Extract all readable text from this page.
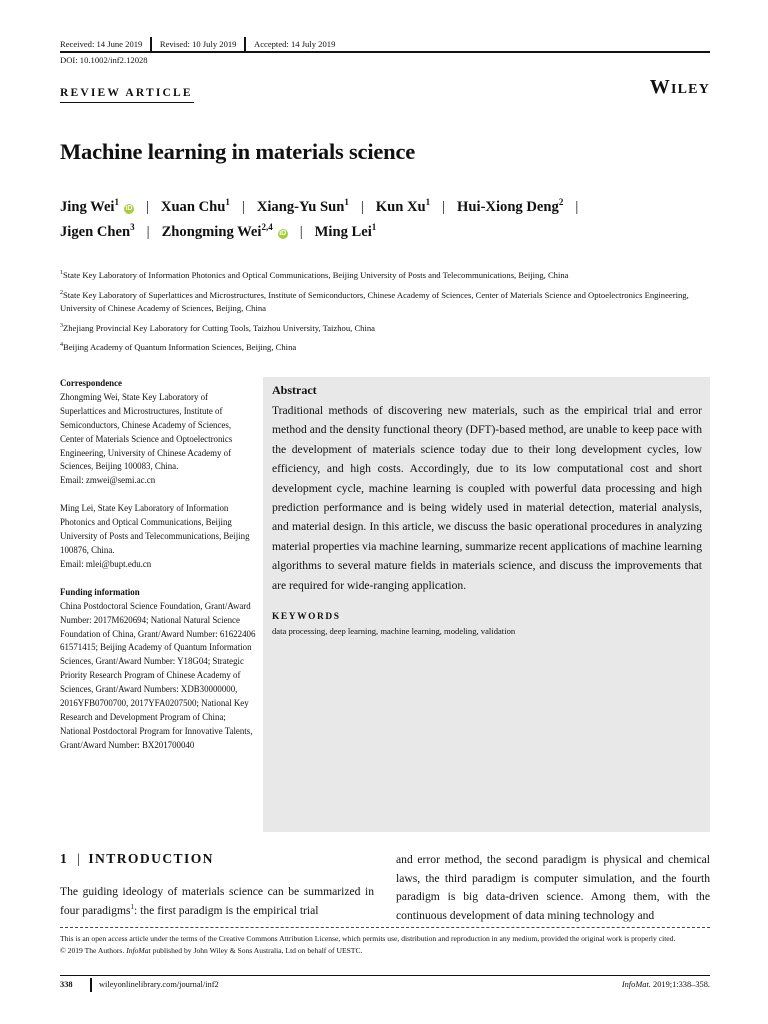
Received: 14 June 2019 Revised: 10 July 2019 Accepted: 14 July 2019
DOI: 10.1002/inf2.12028
REVIEW ARTICLE	Wiley
Machine learning in materials science
Jing Wei$^1$iD | Xuan Chu$^1$ | Xiang-Yu Sun$^1$ | Kun Xu$^1$ | Hui-Xiong Deng$^2$ |
Jigen Chen$^3$ | Zhongming Wei$^{2,4}$iD | Ming Lei$^1$

$^1$State Key Laboratory of Information Photonics and Optical Communications, Beijing University of Posts and Telecommunications, Beijing, China

$^2$State Key Laboratory of Superlattices and Microstructures, Institute of Semiconductors, Chinese Academy of Sciences, Center of Materials Science and Optoelectronics Engineering, University of Chinese Academy of Sciences, Beijing, China

$^3$Zhejiang Provincial Key Laboratory for Cutting Tools, Taizhou University, Taizhou, China

$^4$Beijing Academy of Quantum Information Sciences, Beijing, China

Correspondence

Zhongming Wei, State Key Laboratory of Superlattices and Microstructures, Institute of Semiconductors, Chinese Academy of Sciences, Center of Materials Science and Optoelectronics Engineering, University of Chinese Academy of Sciences, Beijing 100083, China.

Email: zmwei@semi.ac.cn

Ming Lei, State Key Laboratory of Information Photonics and Optical Communications, Beijing University of Posts and Telecommunications, Beijing 100876, China.

Email: mlei@bupt.edu.cn

Funding information

China Postdoctoral Science Foundation, Grant/Award Number: 2017M620694; National Natural Science Foundation of China, Grant/Award Number: 61622406 61571415; Beijing Academy of Quantum Information Sciences, Grant/Award Number: Y18G04; Strategic Priority Research Program of Chinese Academy of Sciences, Grant/Award Numbers: XDB30000000, 2016YFB0700700, 2017YFA0207500; National Key Research and Development Program of China; National Postdoctoral Program for Innovative Talents, Grant/Award Number: BX201700040

Abstract

Traditional methods of discovering new materials, such as the empirical trial and error method and the density functional theory (DFT)-based method, are unable to keep pace with the development of materials science today due to their long development cycles, low efficiency, and high costs. Accordingly, due to its low computational cost and short development cycle, machine learning is coupled with powerful data processing and high prediction performance and is being widely used in material detection, material analysis, and material design. In this article, we discuss the basic operational procedures in analyzing material properties via machine learning, summarize recent applications of machine learning algorithms to several mature fields in materials science, and discuss the improvements that are required for wide-ranging application.

KEYWORDS

data processing, deep learning, machine learning, modeling, validation

1 | INTRODUCTION
The guiding ideology of materials science can be summarized in four paradigms$^1$: the first paradigm is the empirical trial
and error method, the second paradigm is physical and chemical laws, the third paradigm is computer simulation, and the fourth paradigm is big data-driven science. Among them, with the continuous development of data mining technology and

This is an open access article under the terms of the Creative Commons Attribution License, which permits use, distribution and reproduction in any medium, provided the original work is properly cited.

© 2019 The Authors. InfoMat published by John Wiley & Sons Australia, Ltd on behalf of UESTC.

338	wileyonlinelibrary.com/journal/inf2	InfoMat. 2019;1:338–358.
